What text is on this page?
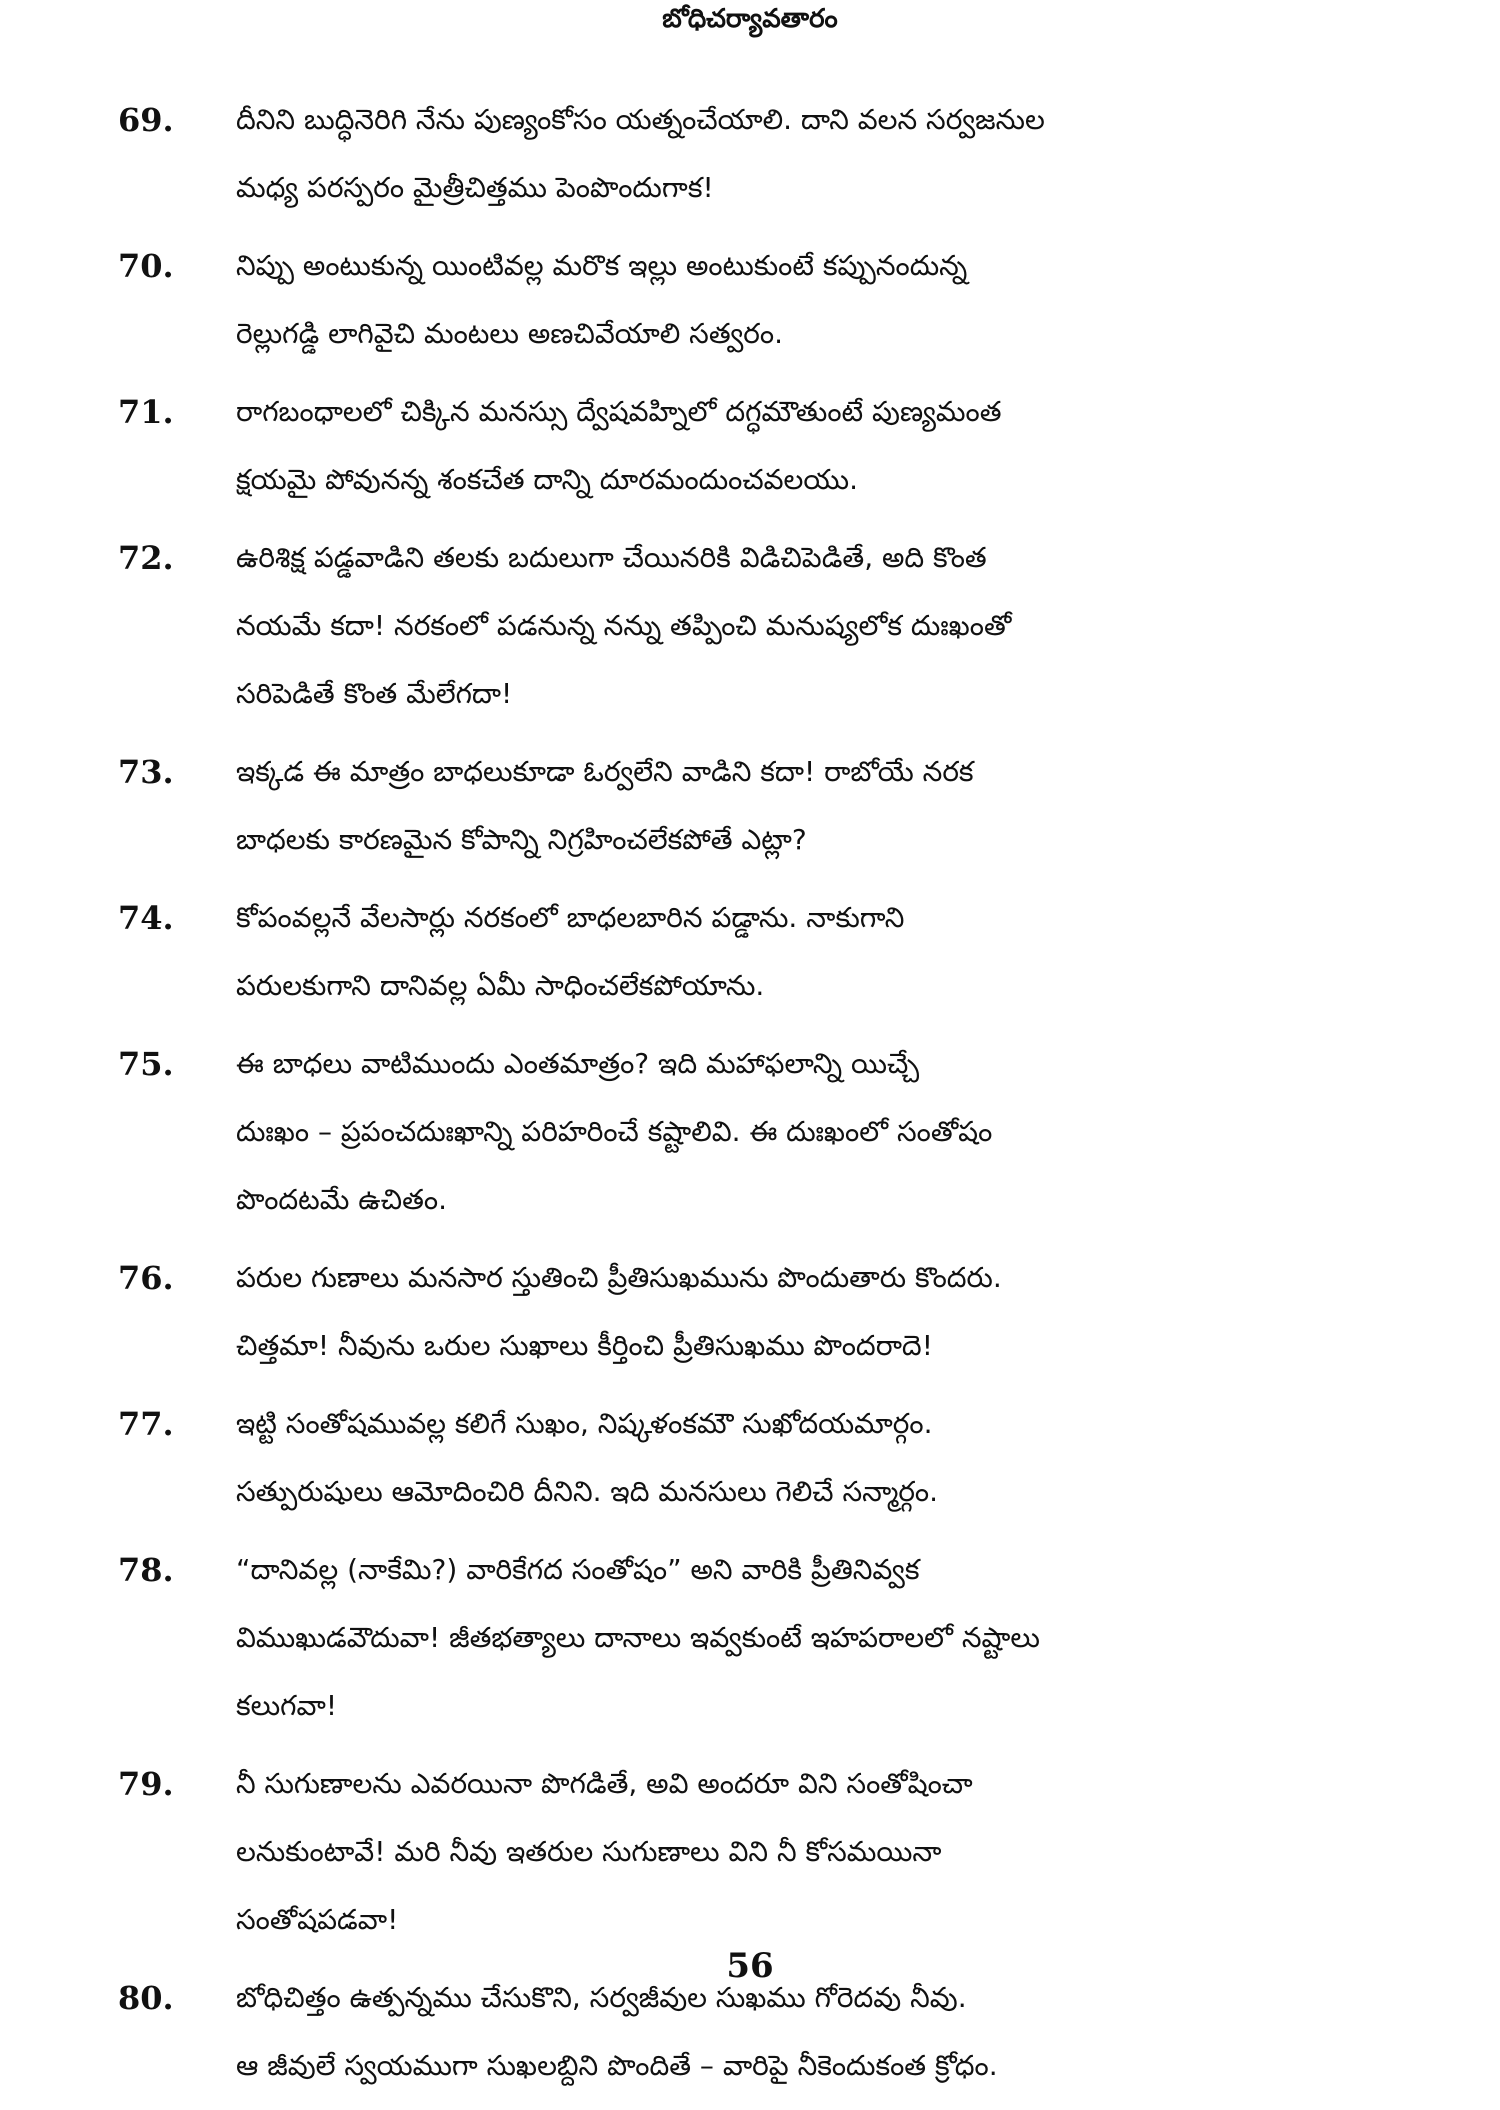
బోధిచర్యావతారం
69.	దీనిని బుద్ధినెరిగి నేను పుణ్యంకోసం యత్నంచేయాలి. దాని వలన సర్వజనుల
మధ్య పరస్పరం మైత్రీచిత్తము పెంపొందుగాక!
70.	నిప్పు అంటుకున్న యింటివల్ల మరొక ఇల్లు అంటుకుంటే కప్పునందున్న
రెల్లుగడ్డి లాగివైచి మంటలు అణచివేయాలి సత్వరం.
71.	రాగబంధాలలో చిక్కిన మనస్సు ద్వేషవహ్నిలో దగ్ధమౌతుంటే పుణ్యమంత
క్షయమై పోవునన్న శంకచేత దాన్ని దూరమందుంచవలయు.
72.	ఉరిశిక్ష పడ్డవాడిని తలకు బదులుగా చేయినరికి విడిచిపెడితే, అది కొంత
నయమే కదా! నరకంలో పడనున్న నన్ను తప్పించి మనుష్యలోక దుఃఖంతో
సరిపెడితే కొంత మేలేగదా!
73.	ఇక్కడ ఈ మాత్రం బాధలుకూడా ఓర్వలేని వాడిని కదా! రాబోయే నరక
బాధలకు కారణమైన కోపాన్ని నిగ్రహించలేకపోతే ఎట్లా?
74.	కోపంవల్లనే వేలసార్లు నరకంలో బాధలబారిన పడ్డాను. నాకుగాని
పరులకుగాని దానివల్ల ఏమీ సాధించలేకపోయాను.
75.	ఈ బాధలు వాటిముందు ఎంతమాత్రం? ఇది మహాఫలాన్ని యిచ్చే
దుఃఖం – ప్రపంచదుఃఖాన్ని పరిహరించే కష్టాలివి. ఈ దుఃఖంలో సంతోషం
పొందటమే ఉచితం.
76.	పరుల గుణాలు మనసార స్తుతించి ప్రీతిసుఖమును పొందుతారు కొందరు.
చిత్తమా! నీవును ఒరుల సుఖాలు కీర్తించి ప్రీతిసుఖము పొందరాదె!
77.	ఇట్టి సంతోషమువల్ల కలిగే సుఖం, నిష్కళంకమౌ సుఖోదయమార్గం.
సత్పురుషులు ఆమోదించిరి దీనిని. ఇది మనసులు గెలిచే సన్మార్గం.
78.	“దానివల్ల (నాకేమి?) వారికేగద సంతోషం” అని వారికి ప్రీతినివ్వక
విముఖుడవౌదువా! జీతభత్యాలు దానాలు ఇవ్వకుంటే ఇహపరాలలో నష్టాలు
కలుగవా!
79.	నీ సుగుణాలను ఎవరయినా పొగడితే, అవి అందరూ విని సంతోషించా
లనుకుంటావే! మరి నీవు ఇతరుల సుగుణాలు విని నీ కోసమయినా
సంతోషపడవా!
80.	బోధిచిత్తం ఉత్పన్నము చేసుకొని, సర్వజీవుల సుఖము గోరెదవు నీవు.
ఆ జీవులే స్వయముగా సుఖలబ్దిని పొందితే – వారిపై నీకెందుకంత క్రోధం.
56
